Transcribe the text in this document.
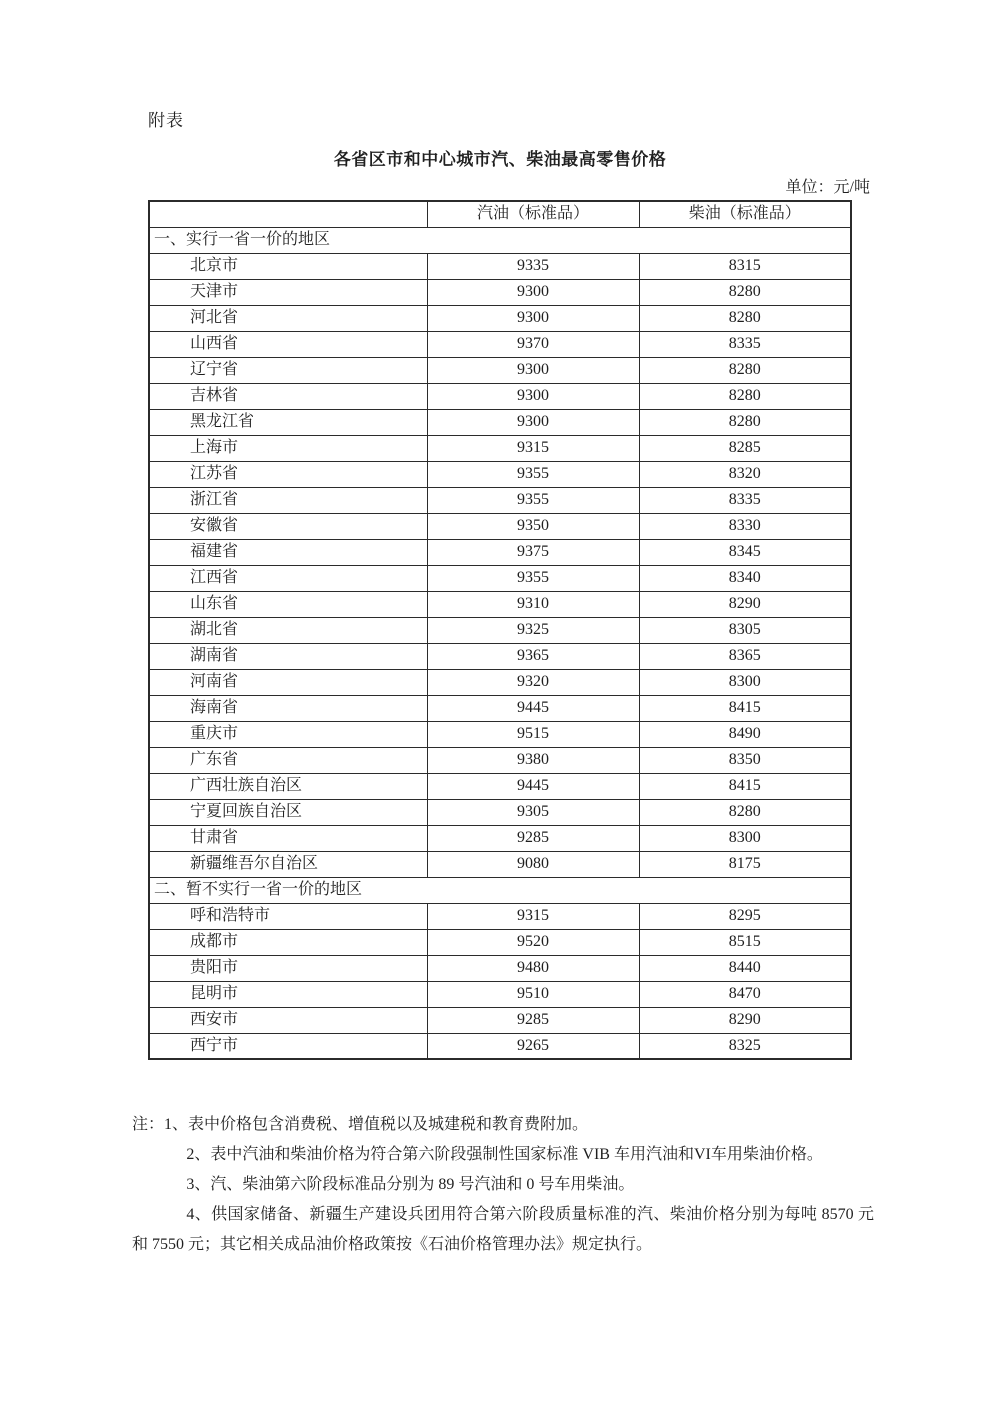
附表
各省区市和中心城市汽、柴油最高零售价格
单位：元/吨
	汽油（标准品）	柴油（标准品）
一、实行一省一价的地区		
北京市	9335	8315
天津市	9300	8280
河北省	9300	8280
山西省	9370	8335
辽宁省	9300	8280
吉林省	9300	8280
黑龙江省	9300	8280
上海市	9315	8285
江苏省	9355	8320
浙江省	9355	8335
安徽省	9350	8330
福建省	9375	8345
江西省	9355	8340
山东省	9310	8290
湖北省	9325	8305
湖南省	9365	8365
河南省	9320	8300
海南省	9445	8415
重庆市	9515	8490
广东省	9380	8350
广西壮族自治区	9445	8415
宁夏回族自治区	9305	8280
甘肃省	9285	8300
新疆维吾尔自治区	9080	8175
二、暂不实行一省一价的地区		
呼和浩特市	9315	8295
成都市	9520	8515
贵阳市	9480	8440
昆明市	9510	8470
西安市	9285	8290
西宁市	9265	8325
注：1、表中价格包含消费税、增值税以及城建税和教育费附加。
2、表中汽油和柴油价格为符合第六阶段强制性国家标准 VIB 车用汽油和VI车用柴油价格。
3、汽、柴油第六阶段标准品分别为 89 号汽油和 0 号车用柴油。
4、供国家储备、新疆生产建设兵团用符合第六阶段质量标准的汽、柴油价格分别为每吨 8570 元和 7550 元；其它相关成品油价格政策按《石油价格管理办法》规定执行。
